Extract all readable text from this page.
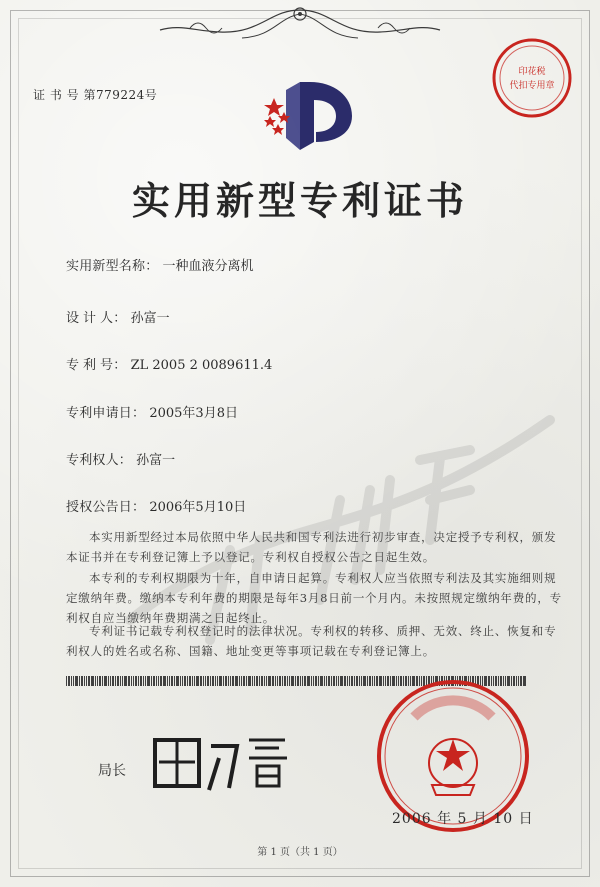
证 书 号 第779224号
印花税
代扣专用章
实用新型专利证书
实用新型名称： 一种血液分离机
设 计 人： 孙富一
专 利 号： ZL 2005 2 0089611.4
专利申请日： 2005年3月8日
专利权人： 孙富一
授权公告日： 2006年5月10日
本实用新型经过本局依照中华人民共和国专利法进行初步审查，决定授予专利权，颁发本证书并在专利登记簿上予以登记。专利权自授权公告之日起生效。
本专利的专利权期限为十年，自申请日起算。专利权人应当依照专利法及其实施细则规定缴纳年费。缴纳本专利年费的期限是每年3月8日前一个月内。未按照规定缴纳年费的，专利权自应当缴纳年费期满之日起终止。
专利证书记载专利权登记时的法律状况。专利权的转移、质押、无效、终止、恢复和专利权人的姓名或名称、国籍、地址变更等事项记载在专利登记簿上。
局长
2006 年 5 月 10 日
第 1 页（共 1 页）
